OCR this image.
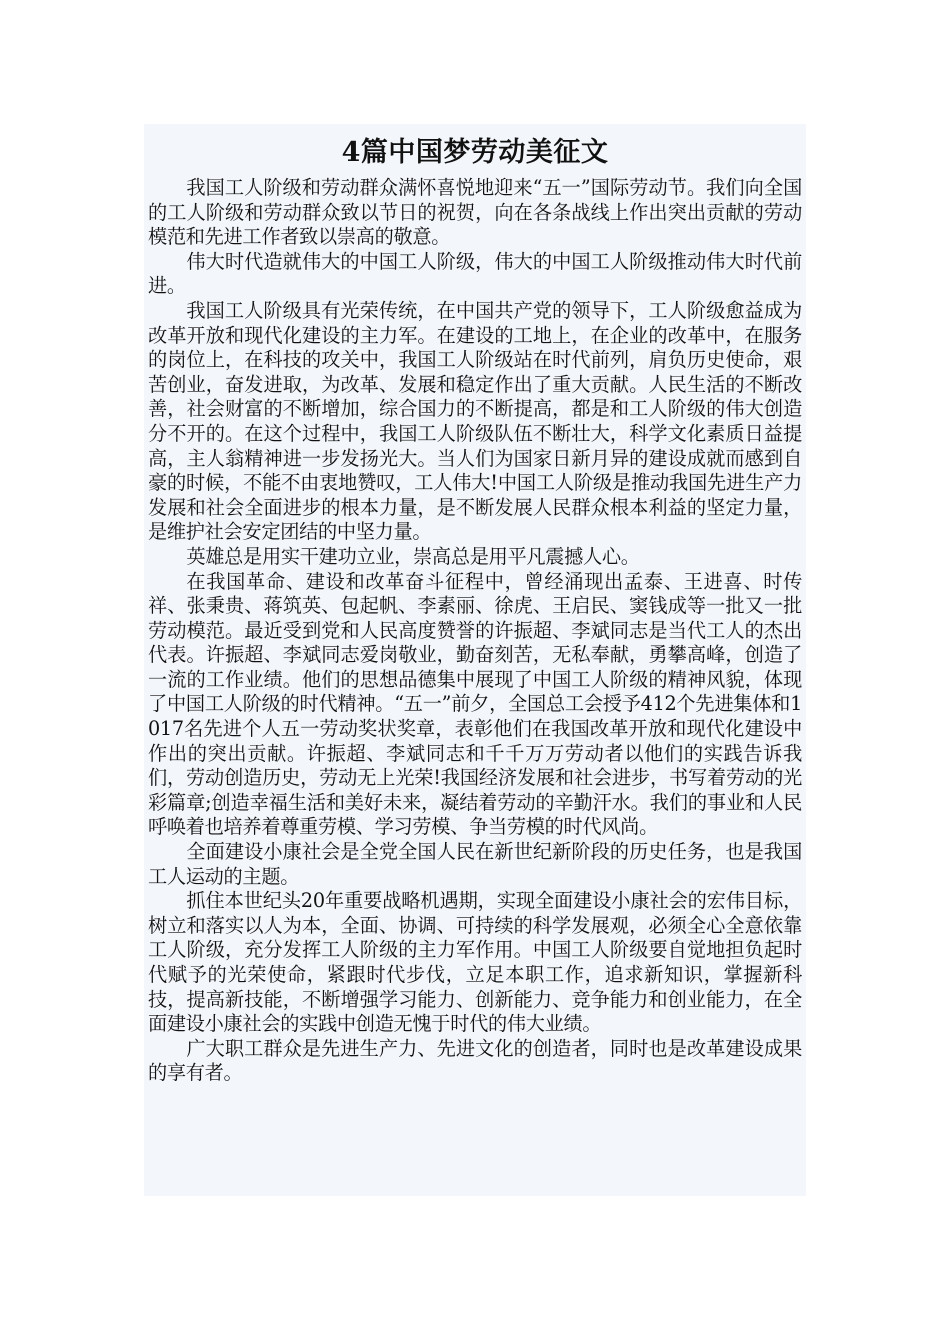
4篇中国梦劳动美征文

我国工人阶级和劳动群众满怀喜悦地迎来“五一”国际劳动节。我们向全国的工人阶级和劳动群众致以节日的祝贺，向在各条战线上作出突出贡献的劳动模范和先进工作者致以崇高的敬意。

伟大时代造就伟大的中国工人阶级，伟大的中国工人阶级推动伟大时代前进。

我国工人阶级具有光荣传统，在中国共产党的领导下，工人阶级愈益成为改革开放和现代化建设的主力军。在建设的工地上，在企业的改革中，在服务的岗位上，在科技的攻关中，我国工人阶级站在时代前列，肩负历史使命，艰苦创业，奋发进取，为改革、发展和稳定作出了重大贡献。人民生活的不断改善，社会财富的不断增加，综合国力的不断提高，都是和工人阶级的伟大创造分不开的。在这个过程中，我国工人阶级队伍不断壮大，科学文化素质日益提高，主人翁精神进一步发扬光大。当人们为国家日新月异的建设成就而感到自豪的时候，不能不由衷地赞叹，工人伟大!中国工人阶级是推动我国先进生产力发展和社会全面进步的根本力量，是不断发展人民群众根本利益的坚定力量，是维护社会安定团结的中坚力量。

英雄总是用实干建功立业，崇高总是用平凡震撼人心。

在我国革命、建设和改革奋斗征程中，曾经涌现出孟泰、王进喜、时传祥、张秉贵、蒋筑英、包起帆、李素丽、徐虎、王启民、窦钱成等一批又一批劳动模范。最近受到党和人民高度赞誉的许振超、李斌同志是当代工人的杰出代表。许振超、李斌同志爱岗敬业，勤奋刻苦，无私奉献，勇攀高峰，创造了一流的工作业绩。他们的思想品德集中展现了中国工人阶级的精神风貌，体现了中国工人阶级的时代精神。“五一”前夕，全国总工会授予412个先进集体和1017名先进个人五一劳动奖状奖章，表彰他们在我国改革开放和现代化建设中作出的突出贡献。许振超、李斌同志和千千万万劳动者以他们的实践告诉我们，劳动创造历史，劳动无上光荣!我国经济发展和社会进步，书写着劳动的光彩篇章;创造幸福生活和美好未来，凝结着劳动的辛勤汗水。我们的事业和人民呼唤着也培养着尊重劳模、学习劳模、争当劳模的时代风尚。

全面建设小康社会是全党全国人民在新世纪新阶段的历史任务，也是我国工人运动的主题。

抓住本世纪头20年重要战略机遇期，实现全面建设小康社会的宏伟目标，树立和落实以人为本，全面、协调、可持续的科学发展观，必须全心全意依靠工人阶级，充分发挥工人阶级的主力军作用。中国工人阶级要自觉地担负起时代赋予的光荣使命，紧跟时代步伐，立足本职工作，追求新知识，掌握新科技，提高新技能，不断增强学习能力、创新能力、竞争能力和创业能力，在全面建设小康社会的实践中创造无愧于时代的伟大业绩。

广大职工群众是先进生产力、先进文化的创造者，同时也是改革建设成果的享有者。
